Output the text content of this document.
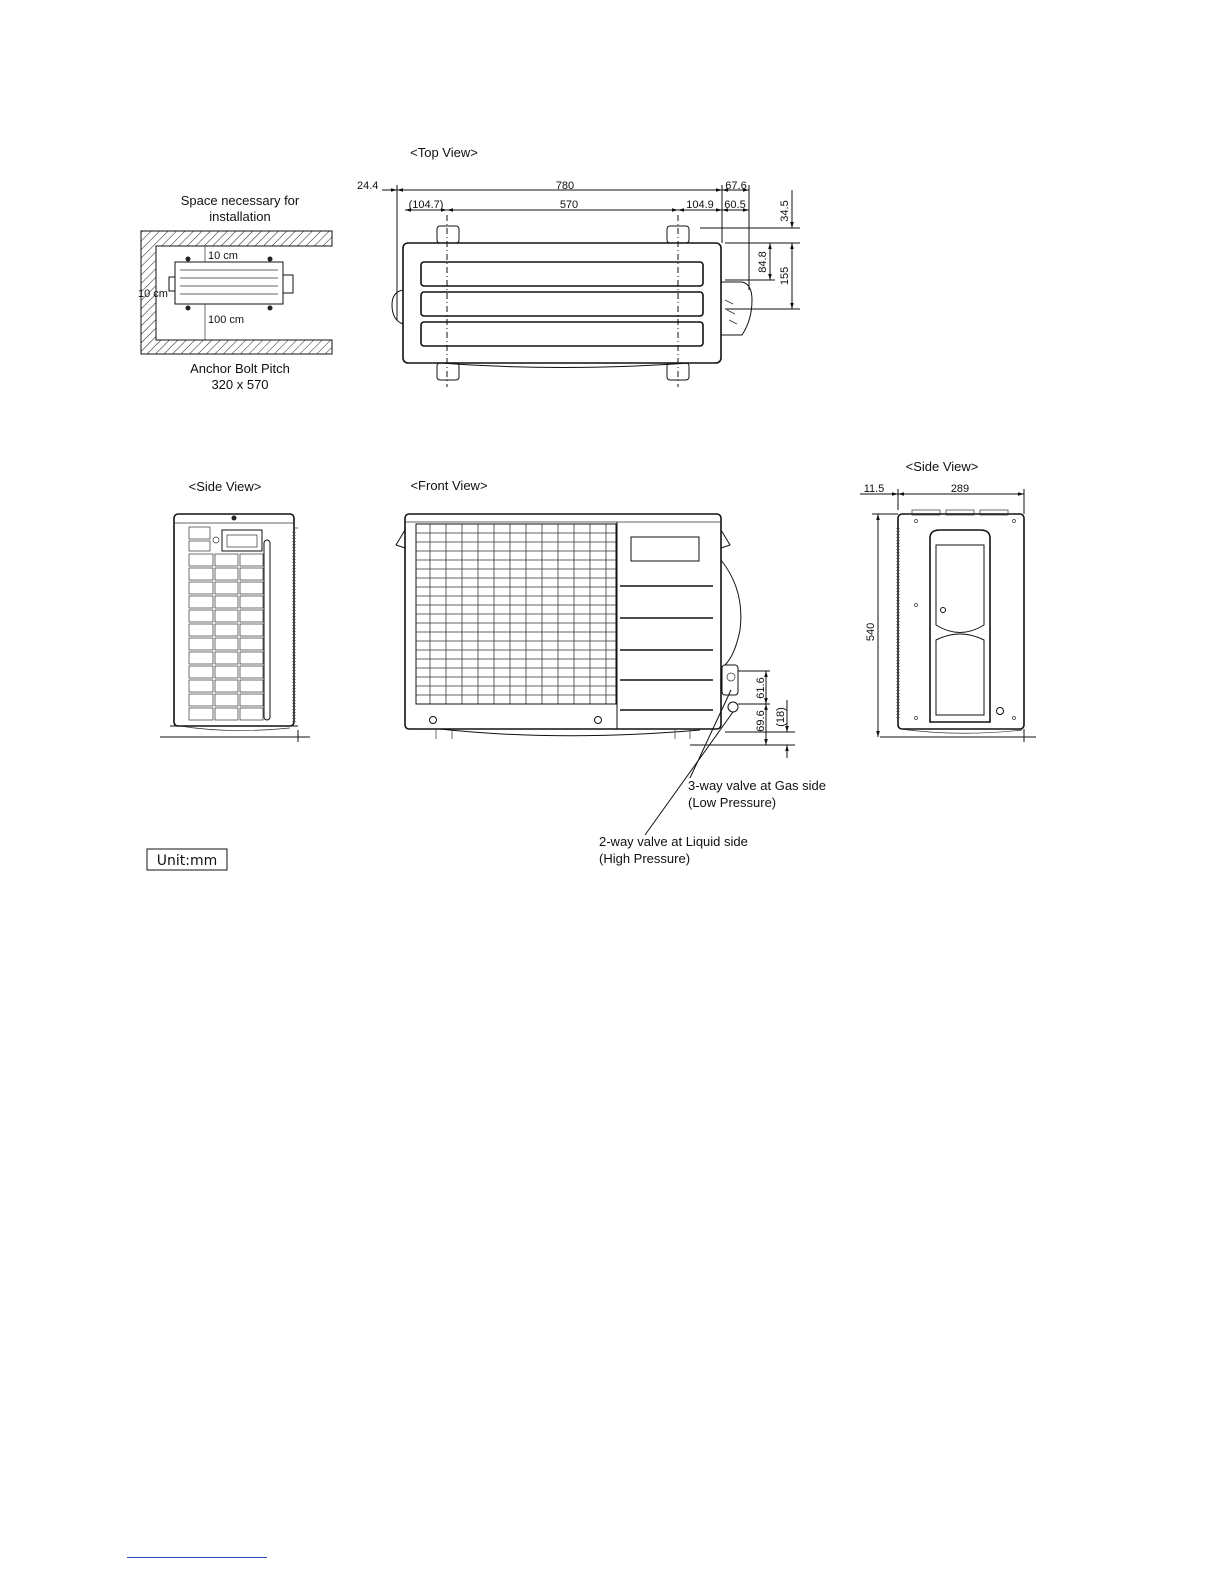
Space necessary for
installation
10 cm
10 cm
100 cm
Anchor Bolt Pitch
320 x 570
<Top View>
24.4	780	67.6
(104.7)	570	104.9 60.5	34.5
84.8
155
<Side View>	<Front View>
61.6
69.6 (18)
3-way valve at Gas side
(Low Pressure)
2-way valve at Liquid side
(High Pressure)
<Side View>
11.5	289
540
Unit:mm
